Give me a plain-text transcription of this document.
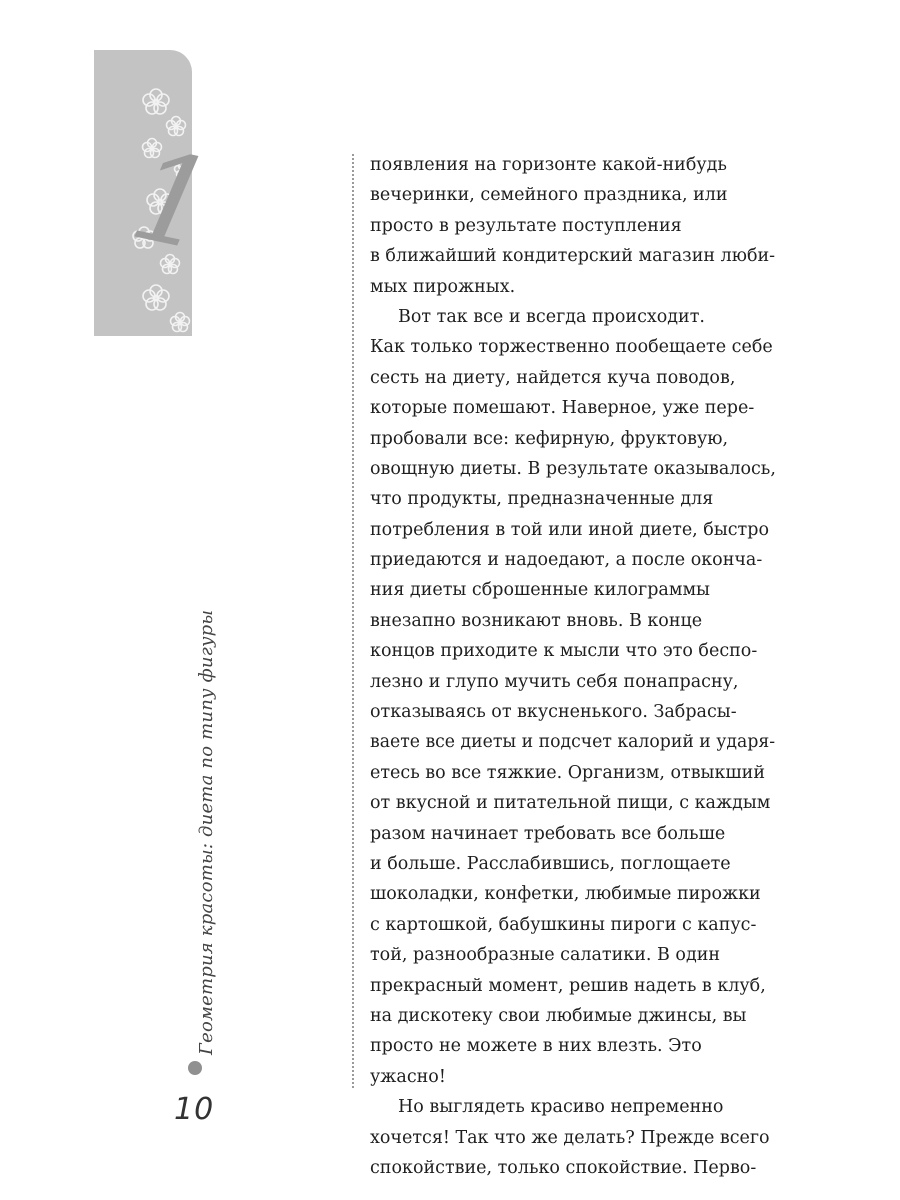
1
Геометрия красоты: диета по типу фигуры
10
появления на горизонте какой-нибудь
вечеринки, семейного праздника, или
просто в результате поступления
в ближайший кондитерский магазин люби-
мых пирожных.
Вот так все и всегда происходит.
Как только торжественно пообещаете себе
сесть на диету, найдется куча поводов,
которые помешают. Наверное, уже пере-
пробовали все: кефирную, фруктовую,
овощную диеты. В результате оказывалось,
что продукты, предназначенные для
потребления в той или иной диете, быстро
приедаются и надоедают, а после оконча-
ния диеты сброшенные килограммы
внезапно возникают вновь. В конце
концов приходите к мысли что это беспо-
лезно и глупо мучить себя понапрасну,
отказываясь от вкусненького. Забрасы-
ваете все диеты и подсчет калорий и ударя-
етесь во все тяжкие. Организм, отвыкший
от вкусной и питательной пищи, с каждым
разом начинает требовать все больше
и больше. Расслабившись, поглощаете
шоколадки, конфетки, любимые пирожки
с картошкой, бабушкины пироги с капус-
той, разнообразные салатики. В один
прекрасный момент, решив надеть в клуб,
на дискотеку свои любимые джинсы, вы
просто не можете в них влезть. Это
ужасно!
Но выглядеть красиво непременно
хочется! Так что же делать? Прежде всего
спокойствие, только спокойствие. Перво-
